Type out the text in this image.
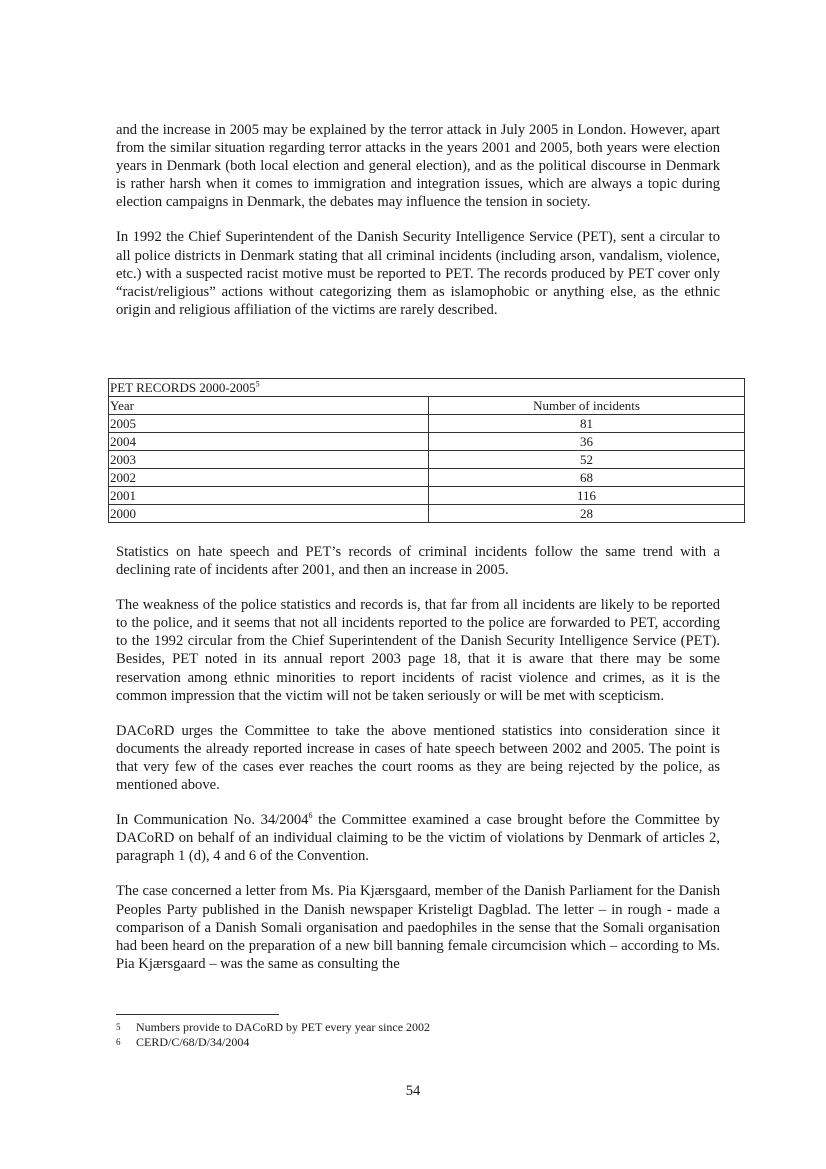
and the increase in 2005 may be explained by the terror attack in July 2005 in London. However, apart from the similar situation regarding terror attacks in the years 2001 and 2005, both years were election years in Denmark (both local election and general election), and as the political discourse in Denmark is rather harsh when it comes to immigration and integration issues, which are always a topic during election campaigns in Denmark, the debates may influence the tension in society.

In 1992 the Chief Superintendent of the Danish Security Intelligence Service (PET), sent a circular to all police districts in Denmark stating that all criminal incidents (including arson, vandalism, violence, etc.) with a suspected racist motive must be reported to PET. The records produced by PET cover only “racist/religious” actions without categorizing them as islamophobic or anything else, as the ethnic origin and religious affiliation of the victims are rarely described.

PET RECORDS 2000-2005$^5$
Year	Number of incidents
2005	81
2004	36
2003	52
2002	68
2001	116
2000	28

Statistics on hate speech and PET’s records of criminal incidents follow the same trend with a declining rate of incidents after 2001, and then an increase in 2005.

The weakness of the police statistics and records is, that far from all incidents are likely to be reported to the police, and it seems that not all incidents reported to the police are forwarded to PET, according to the 1992 circular from the Chief Superintendent of the Danish Security Intelligence Service (PET). Besides, PET noted in its annual report 2003 page 18, that it is aware that there may be some reservation among ethnic minorities to report incidents of racist violence and crimes, as it is the common impression that the victim will not be taken seriously or will be met with scepticism.

DACoRD urges the Committee to take the above mentioned statistics into consideration since it documents the already reported increase in cases of hate speech between 2002 and 2005. The point is that very few of the cases ever reaches the court rooms as they are being rejected by the police, as mentioned above.

In Communication No. 34/2004$^6$ the Committee examined a case brought before the Committee by DACoRD on behalf of an individual claiming to be the victim of violations by Denmark of articles 2, paragraph 1 (d), 4 and 6 of the Convention.

The case concerned a letter from Ms. Pia Kjærsgaard, member of the Danish Parliament for the Danish Peoples Party published in the Danish newspaper Kristeligt Dagblad. The letter – in rough - made a comparison of a Danish Somali organisation and paedophiles in the sense that the Somali organisation had been heard on the preparation of a new bill banning female circumcision which – according to Ms. Pia Kjærsgaard – was the same as consulting the

5	Numbers provide to DACoRD by PET every year since 2002
6	CERD/C/68/D/34/2004
54
